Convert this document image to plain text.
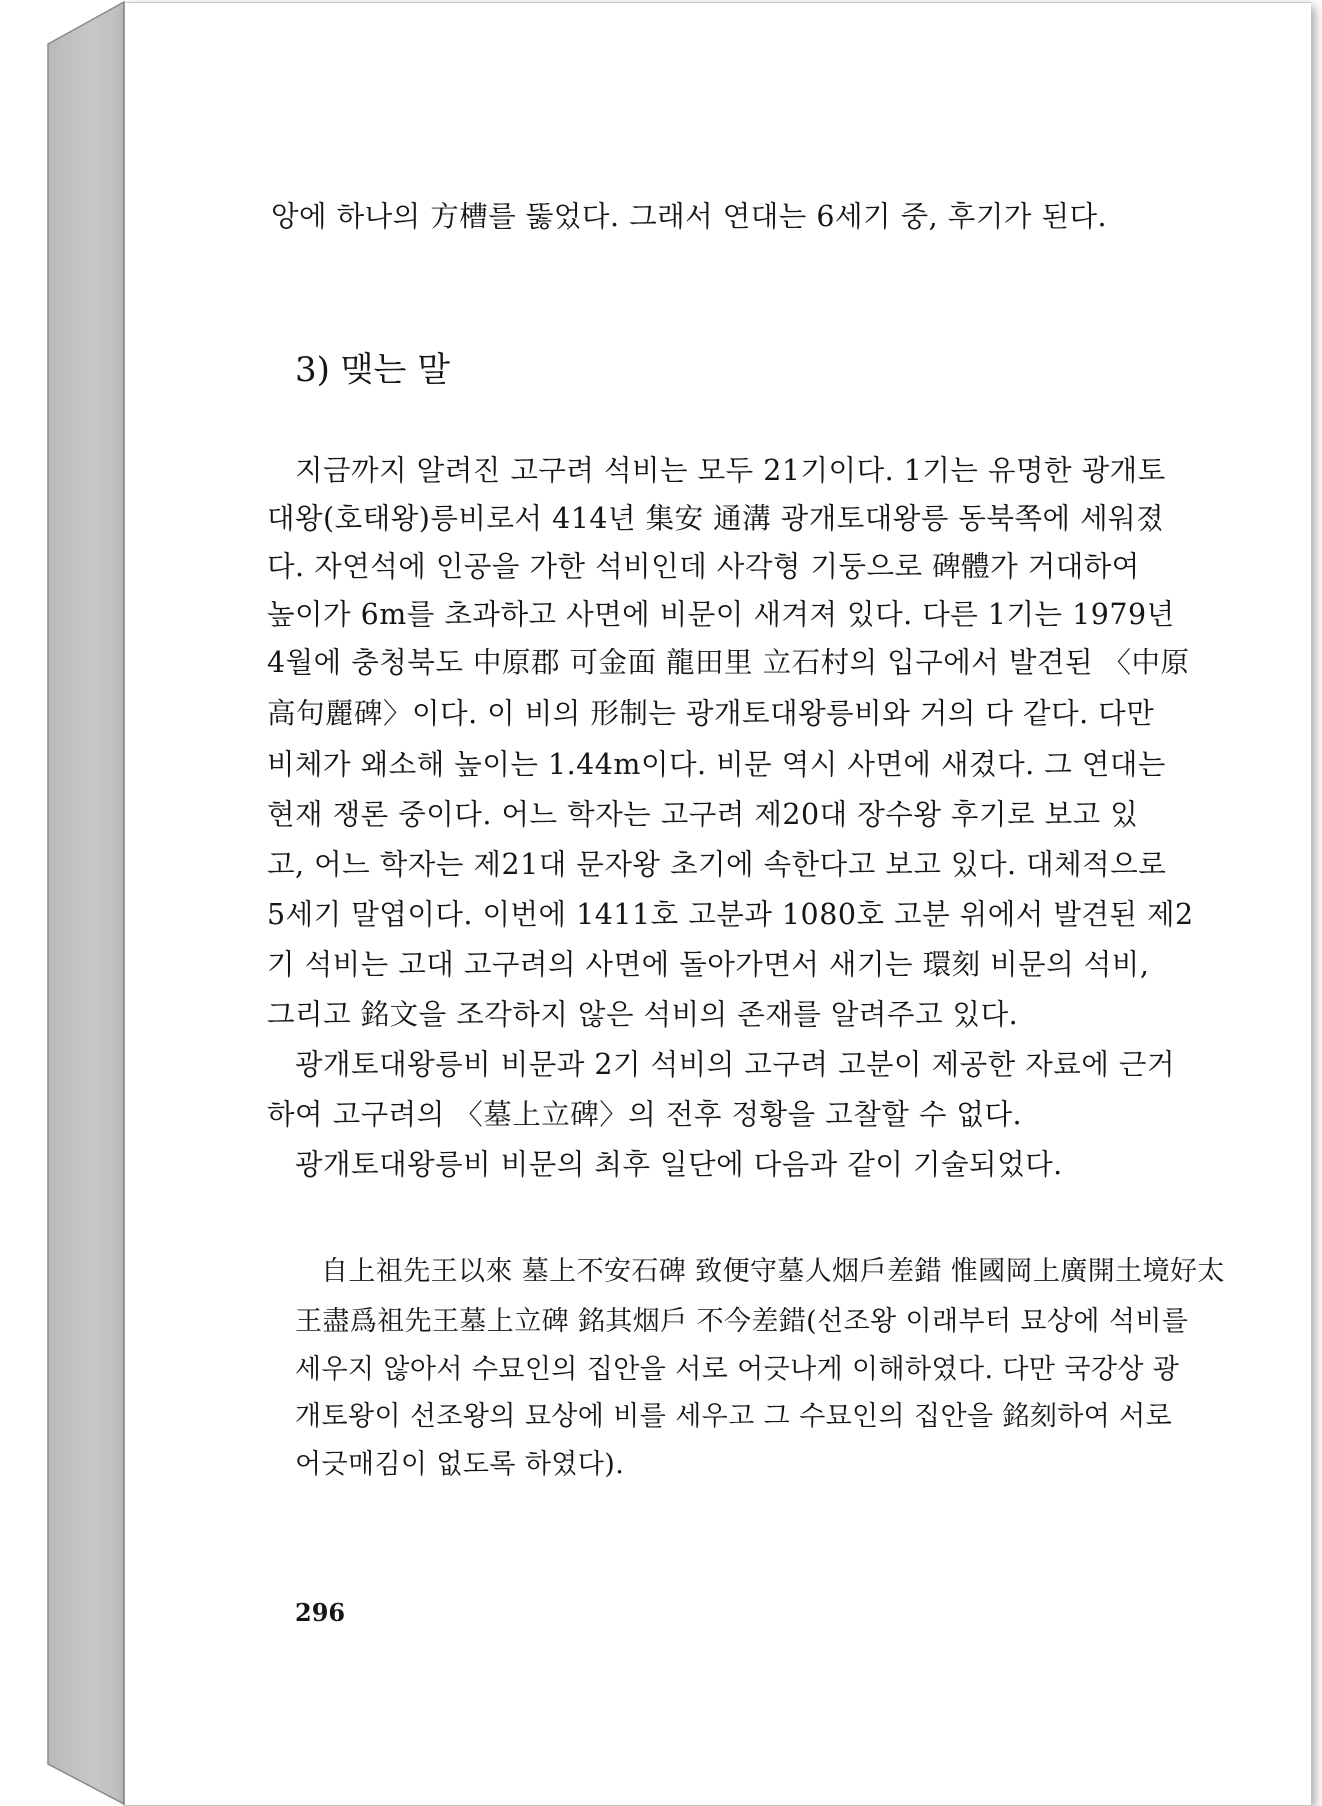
앙에 하나의 方槽를 뚫었다. 그래서 연대는 6세기 중, 후기가 된다.
3) 맺는 말
지금까지 알려진 고구려 석비는 모두 21기이다. 1기는 유명한 광개토
대왕(호태왕)릉비로서 414년 集安 通溝 광개토대왕릉 동북쪽에 세워졌
다. 자연석에 인공을 가한 석비인데 사각형 기둥으로 碑體가 거대하여
높이가 6m를 초과하고 사면에 비문이 새겨져 있다. 다른 1기는 1979년
4월에 충청북도 中原郡 可金面 龍田里 立石村의 입구에서 발견된 〈中原
高句麗碑〉이다. 이 비의 形制는 광개토대왕릉비와 거의 다 같다. 다만
비체가 왜소해 높이는 1.44m이다. 비문 역시 사면에 새겼다. 그 연대는
현재 쟁론 중이다. 어느 학자는 고구려 제20대 장수왕 후기로 보고 있
고, 어느 학자는 제21대 문자왕 초기에 속한다고 보고 있다. 대체적으로
5세기 말엽이다. 이번에 1411호 고분과 1080호 고분 위에서 발견된 제2
기 석비는 고대 고구려의 사면에 돌아가면서 새기는 環刻 비문의 석비,
그리고 銘文을 조각하지 않은 석비의 존재를 알려주고 있다.
광개토대왕릉비 비문과 2기 석비의 고구려 고분이 제공한 자료에 근거
하여 고구려의 〈墓上立碑〉의 전후 정황을 고찰할 수 없다.
광개토대왕릉비 비문의 최후 일단에 다음과 같이 기술되었다.
自上祖先王以來 墓上不安石碑 致便守墓人烟戶差錯 惟國岡上廣開土境好太
王盡爲祖先王墓上立碑 銘其烟戶 不今差錯(선조왕 이래부터 묘상에 석비를
세우지 않아서 수묘인의 집안을 서로 어긋나게 이해하였다. 다만 국강상 광
개토왕이 선조왕의 묘상에 비를 세우고 그 수묘인의 집안을 銘刻하여 서로
어긋매김이 없도록 하였다).
296
